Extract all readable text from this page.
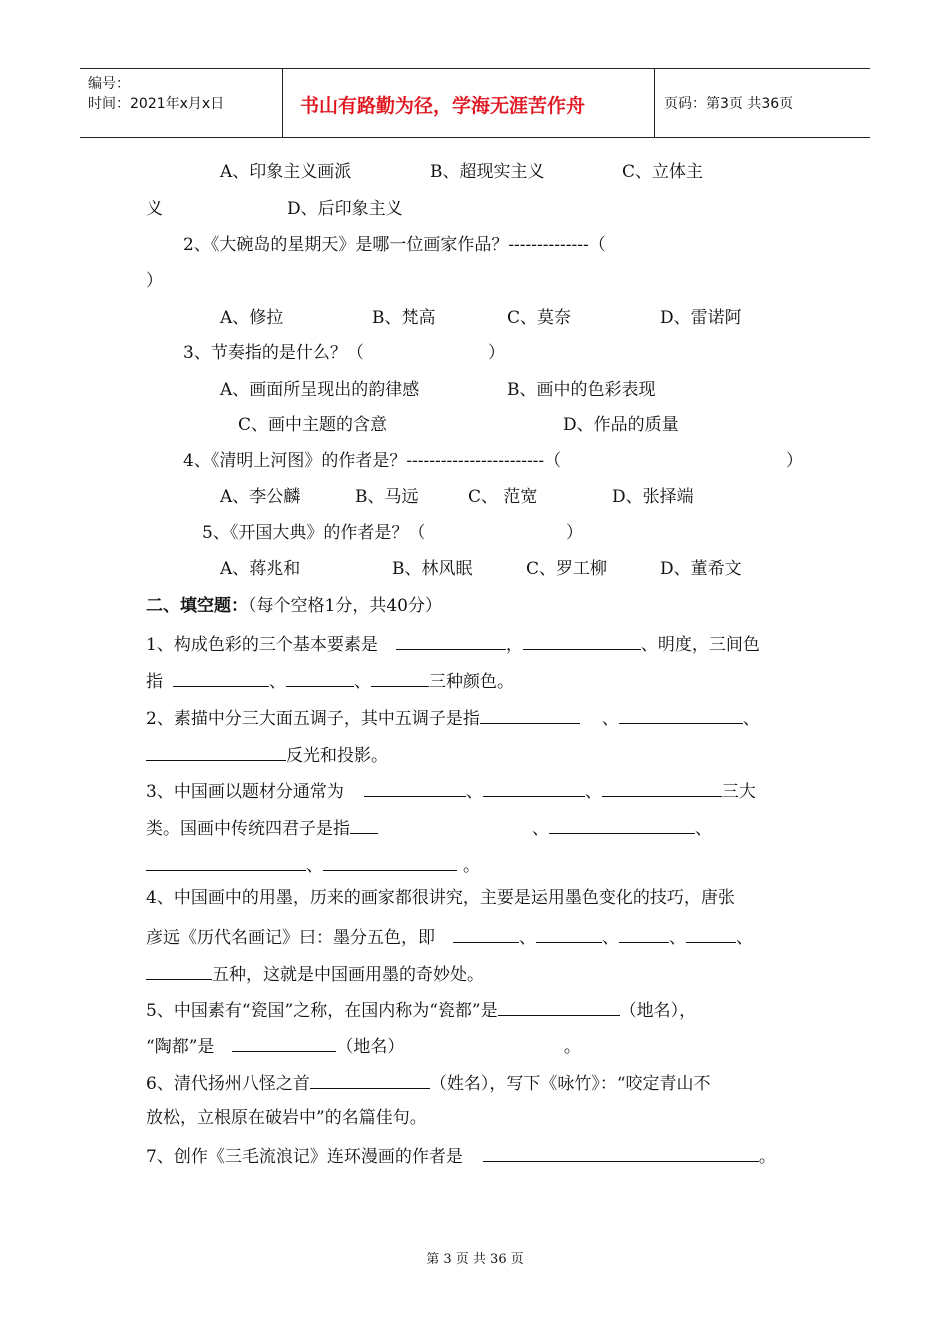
编号：
时间：2021年x月x日	书山有路勤为径，学海无涯苦作舟	页码：第3页 共36页
A、印象主义画派	B、超现实主义	C、立体主
义	D、后印象主义
2、《大碗岛的星期天》是哪一位画家作品？--------------（
）
A、修拉	B、梵高	C、莫奈	D、雷诺阿
3、节奏指的是什么？（	）
A、画面所呈现出的韵律感	B、画中的色彩表现
C、画中主题的含意	D、作品的质量
4、《清明上河图》的作者是？------------------------（	）
A、李公麟	B、马远	C、 范宽	D、张择端
5、《开国大典》的作者是？（	）
A、蒋兆和	B、林风眠	C、罗工柳	D、董希文
二、填空题：（每个空格1分，共40分）
1、构成色彩的三个基本要素是	，	、明度，三间色
指	、	、	三种颜色。
2、素描中分三大面五调子，其中五调子是指	、	、
反光和投影。
3、中国画以题材分通常为	、	、	三大
类。国画中传统四君子是指	、	、
、	。
4、中国画中的用墨，历来的画家都很讲究，主要是运用墨色变化的技巧，唐张
彦远《历代名画记》曰：墨分五色，即	、	、	、	、
五种，这就是中国画用墨的奇妙处。
5、中国素有“瓷国”之称，在国内称为“瓷都”是	（地名），
“陶都”是	（地名）	。
6、清代扬州八怪之首	（姓名），写下《咏竹》：“咬定青山不
放松，立根原在破岩中”的名篇佳句。
7、创作《三毛流浪记》连环漫画的作者是	。
第 3 页 共 36 页
